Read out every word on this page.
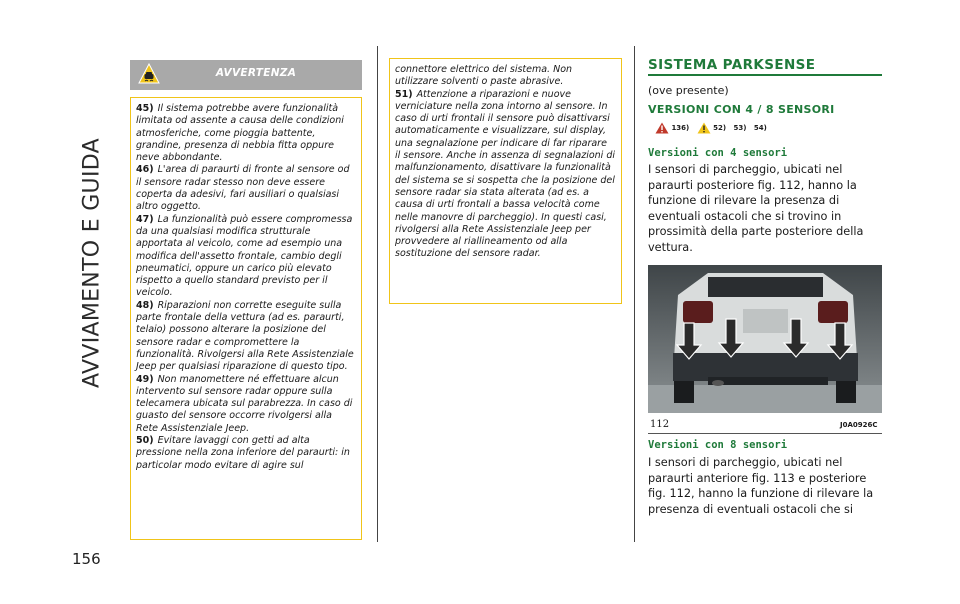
AVVIAMENTO E GUIDA
156
AVVERTENZA

45) Il sistema potrebbe avere funzionalità limitata od assente a causa delle condizioni atmosferiche, come pioggia battente, grandine, presenza di nebbia fitta oppure neve abbondante.

46) L'area di paraurti di fronte al sensore od il sensore radar stesso non deve essere coperta da adesivi, fari ausiliari o qualsiasi altro oggetto.

47) La funzionalità può essere compromessa da una qualsiasi modifica strutturale apportata al veicolo, come ad esempio una modifica dell'assetto frontale, cambio degli pneumatici, oppure un carico più elevato rispetto a quello standard previsto per il veicolo.

48) Riparazioni non corrette eseguite sulla parte frontale della vettura (ad es. paraurti, telaio) possono alterare la posizione del sensore radar e compromettere la funzionalità. Rivolgersi alla Rete Assistenziale Jeep per qualsiasi riparazione di questo tipo.

49) Non manomettere né effettuare alcun intervento sul sensore radar oppure sulla telecamera ubicata sul parabrezza. In caso di guasto del sensore occorre rivolgersi alla Rete Assistenziale Jeep.

50) Evitare lavaggi con getti ad alta pressione nella zona inferiore del paraurti: in particolar modo evitare di agire sul

connettore elettrico del sistema. Non utilizzare solventi o paste abrasive.

51) Attenzione a riparazioni e nuove verniciature nella zona intorno al sensore. In caso di urti frontali il sensore può disattivarsi automaticamente e visualizzare, sul display, una segnalazione per indicare di far riparare il sensore. Anche in assenza di segnalazioni di malfunzionamento, disattivare la funzionalità del sistema se si sospetta che la posizione del sensore radar sia stata alterata (ad es. a causa di urti frontali a bassa velocità come nelle manovre di parcheggio). In questi casi, rivolgersi alla Rete Assistenziale Jeep per provvedere al riallineamento od alla sostituzione del sensore radar.

SISTEMA PARKSENSE
(ove presente)
VERSIONI CON 4 / 8 SENSORI
136)	52) 53) 54)
Versioni con 4 sensori
I sensori di parcheggio, ubicati nel paraurti posteriore fig. 112, hanno la funzione di rilevare la presenza di eventuali ostacoli che si trovino in prossimità della parte posteriore della vettura.
112	J0A0926C
Versioni con 8 sensori
I sensori di parcheggio, ubicati nel paraurti anteriore fig. 113 e posteriore fig. 112, hanno la funzione di rilevare la presenza di eventuali ostacoli che si
